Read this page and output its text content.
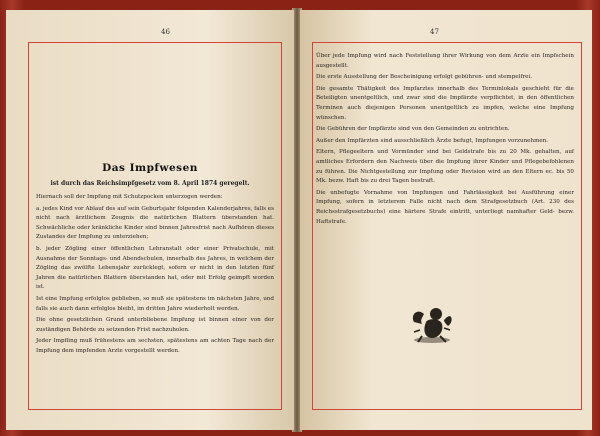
46
Das Impfwesen
ist durch das Reichsimpfgesetz vom 8. April 1874 geregelt.

Hiernach soll der Impfung mit Schutzpocken unterzogen werden:

a. jedes Kind vor Ablauf des auf sein Geburtsjahr folgenden Kalenderjahres, falls es nicht nach ärztlichem Zeugnis die natürlichen Blattern überstanden hat. Schwächliche oder kränkliche Kinder sind binnen Jahresfrist nach Aufhören dieses Zustandes der Impfung zu unterziehen;

b. jeder Zögling einer öffentlichen Lehranstalt oder einer Privatschule, mit Ausnahme der Sonntags- und Abendschulen, innerhalb des Jahres, in welchem der Zögling das zwölfte Lebensjahr zurücklegt, sofern er nicht in den letzten fünf Jahren die natürlichen Blattern überstanden hat, oder mit Erfolg geimpft worden ist.

Ist eine Impfung erfolglos geblieben, so muß sie spätestens im nächsten Jahre, und falls sie auch dann erfolglos bleibt, im dritten Jahre wiederholt werden.

Die ohne gesetzlichen Grund unterbliebene Impfung ist binnen einer von der zuständigen Behörde zu setzenden Frist nachzuholen.

Jeder Impfling muß frühestens am sechsten, spätestens am achten Tage nach der Impfung dem impfenden Arzte vorgestellt werden.

47

Über jede Impfung wird nach Feststellung ihrer Wirkung von dem Arzte ein Impfschein ausgestellt.

Die erste Ausstellung der Bescheinigung erfolgt gebühren- und stempelfrei.

Die gesamte Thätigkeit des Impfarztes innerhalb des Terminlokals geschieht für die Beteiligten unentgeltlich, und zwar sind die Impfärzte verpflichtet, in den öffentlichen Terminen auch diejenigen Personen unentgeltlich zu impfen, welche eine Impfung wünschen.

Die Gebühren der Impfärzte sind von den Gemeinden zu entrichten.

Außer den Impfärzten sind ausschließlich Ärzte befugt, Impfungen vorzunehmen.

Eltern, Pflegeeltern und Vormünder sind bei Geldstrafe bis zu 20 Mk. gehalten, auf amtliches Erfordern den Nachweis über die Impfung ihrer Kinder und Pflegebefohlenen zu führen. Die Nichtgestellung zur Impfung oder Revision wird an den Eltern ec. bis 50 Mk. bezw. Haft bis zu drei Tagen bestraft.

Die unbefugte Vornahme von Impfungen und Fahrlässigkeit bei Ausführung einer Impfung, sofern in letzterem Falle nicht nach dem Strafgesetzbuch (Art. 230 des Reichsstrafgesetzbuchs) eine härtere Strafe eintritt, unterliegt namhafter Geld- bezw. Haftstrafe.
